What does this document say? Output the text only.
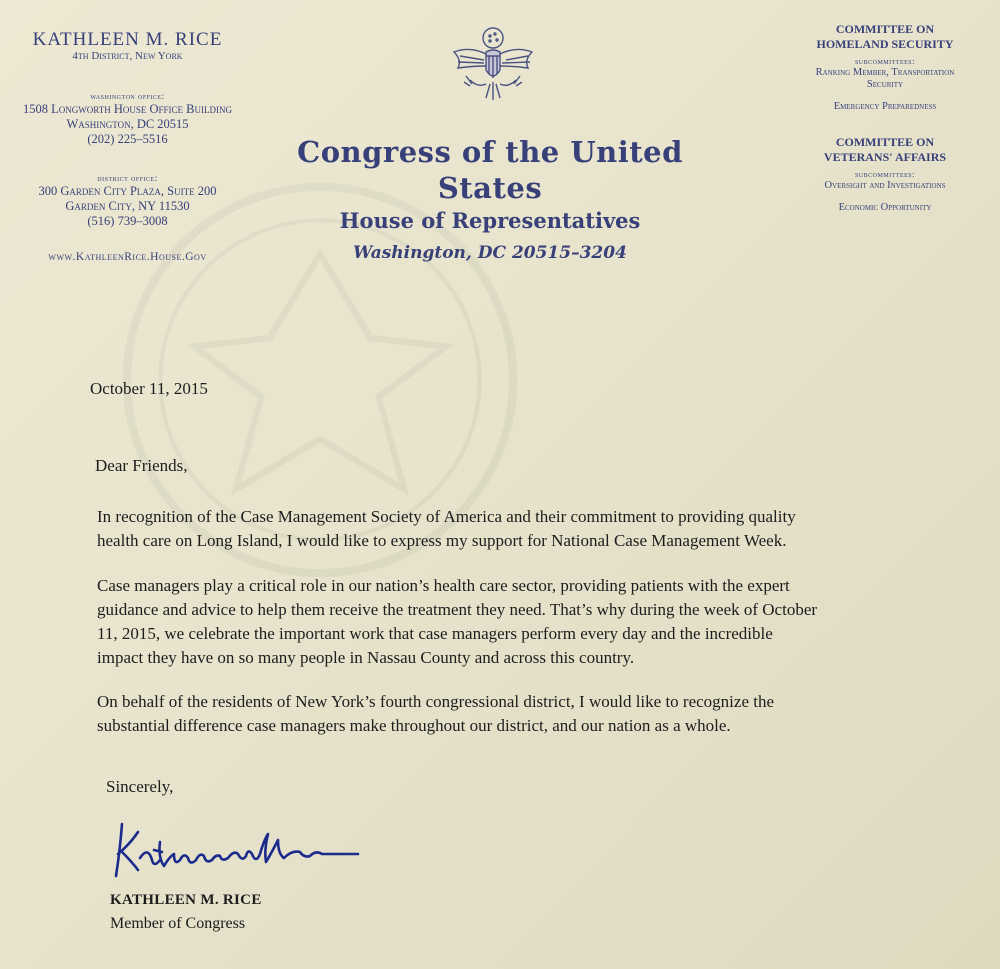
KATHLEEN M. RICE
4th District, New York
washington office:
1508 Longworth House Office Building
Washington, DC 20515
(202) 225–5516
district office:
300 Garden City Plaza, Suite 200
Garden City, NY 11530
(516) 739–3008
www.KathleenRice.House.Gov
Congress of the United States
House of Representatives
Washington, DC 20515–3204
COMMITTEE ON
HOMELAND SECURITY
subcommittees:
Ranking Member, Transportation
Security
Emergency Preparedness
COMMITTEE ON
VETERANS' AFFAIRS
subcommittees:
Oversight and Investigations
Economic Opportunity
October 11, 2015
Dear Friends,
In recognition of the Case Management Society of America and their commitment to providing quality
health care on Long Island, I would like to express my support for National Case Management Week.
Case managers play a critical role in our nation’s health care sector, providing patients with the expert
guidance and advice to help them receive the treatment they need. That’s why during the week of October
11, 2015, we celebrate the important work that case managers perform every day and the incredible
impact they have on so many people in Nassau County and across this country.
On behalf of the residents of New York’s fourth congressional district, I would like to recognize the
substantial difference case managers make throughout our district, and our nation as a whole.
Sincerely,
KATHLEEN M. RICE
Member of Congress
